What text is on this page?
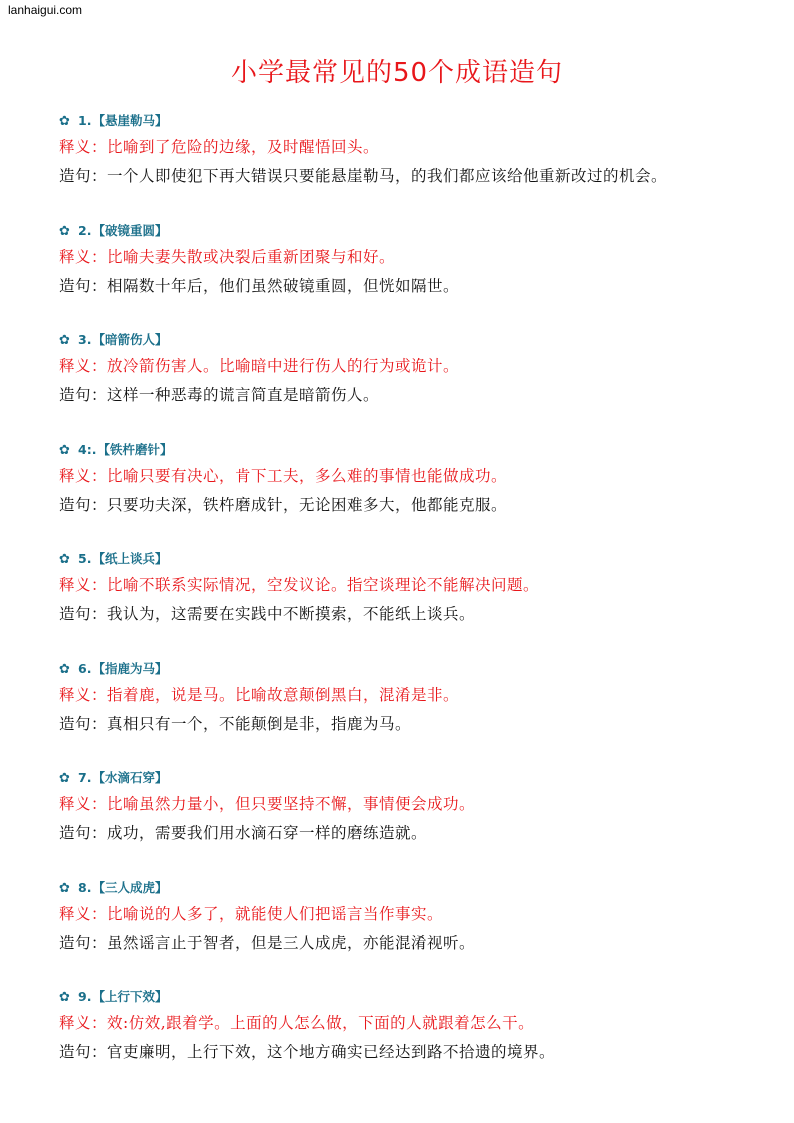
lanhaigui.com
小学最常见的50个成语造句
✿ 1.【悬崖勒马】
释义：比喻到了危险的边缘，及时醒悟回头。
造句：一个人即使犯下再大错误只要能悬崖勒马，的我们都应该给他重新改过的机会。
✿ 2.【破镜重圆】
释义：比喻夫妻失散或决裂后重新团聚与和好。
造句：相隔数十年后，他们虽然破镜重圆，但恍如隔世。
✿ 3.【暗箭伤人】
释义：放冷箭伤害人。比喻暗中进行伤人的行为或诡计。
造句：这样一种恶毒的谎言简直是暗箭伤人。
✿ 4:.【铁杵磨针】
释义：比喻只要有决心，肯下工夫，多么难的事情也能做成功。
造句：只要功夫深，铁杵磨成针，无论困难多大，他都能克服。
✿ 5.【纸上谈兵】
释义：比喻不联系实际情况，空发议论。指空谈理论不能解决问题。
造句：我认为，这需要在实践中不断摸索，不能纸上谈兵。
✿ 6.【指鹿为马】
释义：指着鹿，说是马。比喻故意颠倒黑白，混淆是非。
造句：真相只有一个，不能颠倒是非，指鹿为马。
✿ 7.【水滴石穿】
释义：比喻虽然力量小，但只要坚持不懈，事情便会成功。
造句：成功，需要我们用水滴石穿一样的磨练造就。
✿ 8.【三人成虎】
释义：比喻说的人多了，就能使人们把谣言当作事实。
造句：虽然谣言止于智者，但是三人成虎，亦能混淆视听。
✿ 9.【上行下效】
释义：效:仿效,跟着学。上面的人怎么做，下面的人就跟着怎么干。
造句：官吏廉明，上行下效，这个地方确实已经达到路不拾遗的境界。
